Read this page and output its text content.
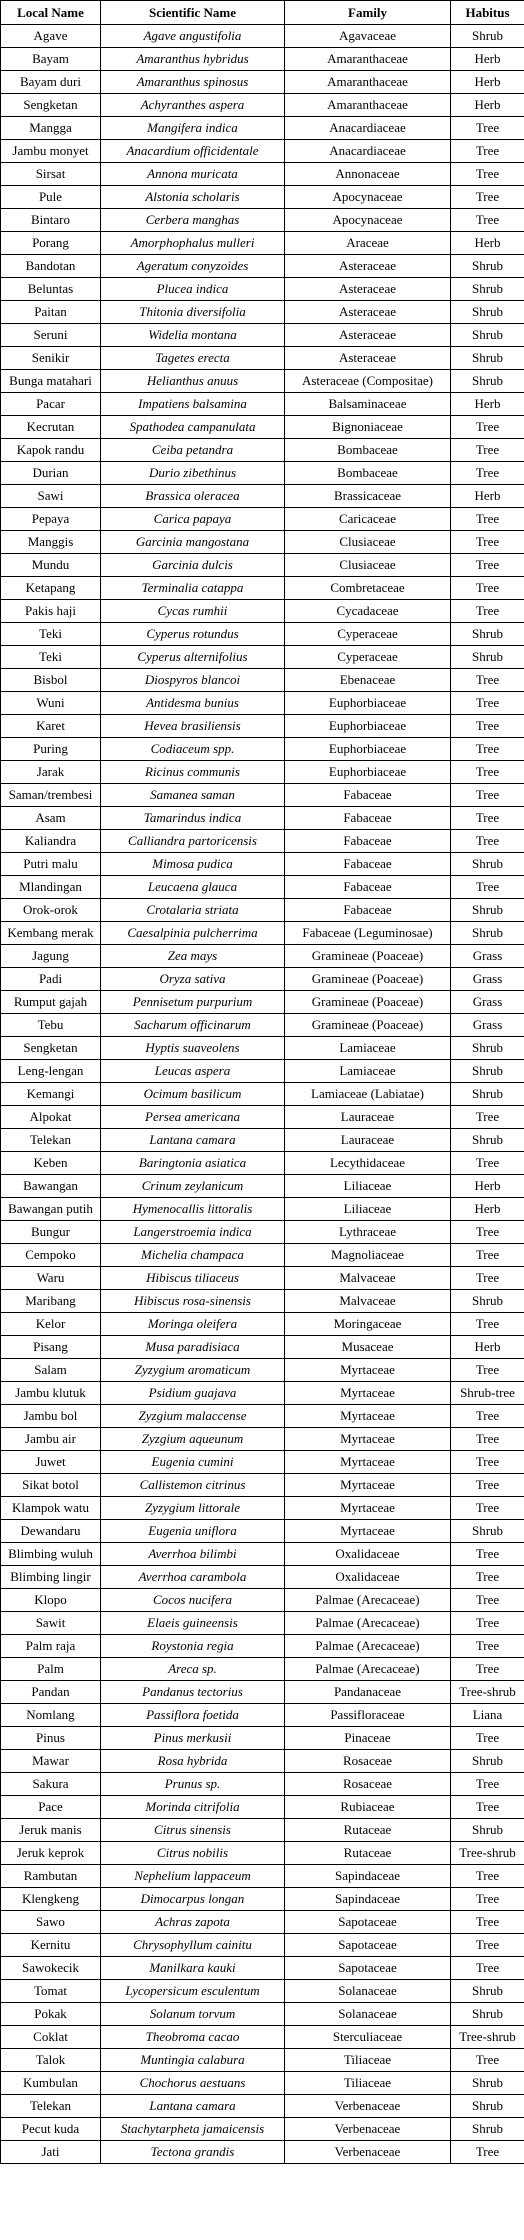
Local Name	Scientific Name	Family	Habitus
Agave	Agave angustifolia	Agavaceae	Shrub
Bayam	Amaranthus hybridus	Amaranthaceae	Herb
Bayam duri	Amaranthus spinosus	Amaranthaceae	Herb
Sengketan	Achyranthes aspera	Amaranthaceae	Herb
Mangga	Mangifera indica	Anacardiaceae	Tree
Jambu monyet	Anacardium officidentale	Anacardiaceae	Tree
Sirsat	Annona muricata	Annonaceae	Tree
Pule	Alstonia scholaris	Apocynaceae	Tree
Bintaro	Cerbera manghas	Apocynaceae	Tree
Porang	Amorphophalus mulleri	Araceae	Herb
Bandotan	Ageratum conyzoides	Asteraceae	Shrub
Beluntas	Plucea indica	Asteraceae	Shrub
Paitan	Thitonia diversifolia	Asteraceae	Shrub
Seruni	Widelia montana	Asteraceae	Shrub
Senikir	Tagetes erecta	Asteraceae	Shrub
Bunga matahari	Helianthus anuus	Asteraceae (Compositae)	Shrub
Pacar	Impatiens balsamina	Balsaminaceae	Herb
Kecrutan	Spathodea campanulata	Bignoniaceae	Tree
Kapok randu	Ceiba petandra	Bombaceae	Tree
Durian	Durio zibethinus	Bombaceae	Tree
Sawi	Brassica oleracea	Brassicaceae	Herb
Pepaya	Carica papaya	Caricaceae	Tree
Manggis	Garcinia mangostana	Clusiaceae	Tree
Mundu	Garcinia dulcis	Clusiaceae	Tree
Ketapang	Terminalia catappa	Combretaceae	Tree
Pakis haji	Cycas rumhii	Cycadaceae	Tree
Teki	Cyperus rotundus	Cyperaceae	Shrub
Teki	Cyperus alternifolius	Cyperaceae	Shrub
Bisbol	Diospyros blancoi	Ebenaceae	Tree
Wuni	Antidesma bunius	Euphorbiaceae	Tree
Karet	Hevea brasiliensis	Euphorbiaceae	Tree
Puring	Codiaceum spp.	Euphorbiaceae	Tree
Jarak	Ricinus communis	Euphorbiaceae	Tree
Saman/trembesi	Samanea saman	Fabaceae	Tree
Asam	Tamarindus indica	Fabaceae	Tree
Kaliandra	Calliandra partoricensis	Fabaceae	Tree
Putri malu	Mimosa pudica	Fabaceae	Shrub
Mlandingan	Leucaena glauca	Fabaceae	Tree
Orok-orok	Crotalaria striata	Fabaceae	Shrub
Kembang merak	Caesalpinia pulcherrima	Fabaceae (Leguminosae)	Shrub
Jagung	Zea mays	Gramineae (Poaceae)	Grass
Padi	Oryza sativa	Gramineae (Poaceae)	Grass
Rumput gajah	Pennisetum purpurium	Gramineae (Poaceae)	Grass
Tebu	Sacharum officinarum	Gramineae (Poaceae)	Grass
Sengketan	Hyptis suaveolens	Lamiaceae	Shrub
Leng-lengan	Leucas aspera	Lamiaceae	Shrub
Kemangi	Ocimum basilicum	Lamiaceae (Labiatae)	Shrub
Alpokat	Persea americana	Lauraceae	Tree
Telekan	Lantana camara	Lauraceae	Shrub
Keben	Baringtonia asiatica	Lecythidaceae	Tree
Bawangan	Crinum zeylanicum	Liliaceae	Herb
Bawangan putih	Hymenocallis littoralis	Liliaceae	Herb
Bungur	Langerstroemia indica	Lythraceae	Tree
Cempoko	Michelia champaca	Magnoliaceae	Tree
Waru	Hibiscus tiliaceus	Malvaceae	Tree
Maribang	Hibiscus rosa-sinensis	Malvaceae	Shrub
Kelor	Moringa oleifera	Moringaceae	Tree
Pisang	Musa paradisiaca	Musaceae	Herb
Salam	Zyzygium aromaticum	Myrtaceae	Tree
Jambu klutuk	Psidium guajava	Myrtaceae	Shrub-tree
Jambu bol	Zyzgium malaccense	Myrtaceae	Tree
Jambu air	Zyzgium aqueunum	Myrtaceae	Tree
Juwet	Eugenia cumini	Myrtaceae	Tree
Sikat botol	Callistemon citrinus	Myrtaceae	Tree
Klampok watu	Zyzygium littorale	Myrtaceae	Tree
Dewandaru	Eugenia uniflora	Myrtaceae	Shrub
Blimbing wuluh	Averrhoa bilimbi	Oxalidaceae	Tree
Blimbing lingir	Averrhoa carambola	Oxalidaceae	Tree
Klopo	Cocos nucifera	Palmae (Arecaceae)	Tree
Sawit	Elaeis guineensis	Palmae (Arecaceae)	Tree
Palm raja	Roystonia regia	Palmae (Arecaceae)	Tree
Palm	Areca sp.	Palmae (Arecaceae)	Tree
Pandan	Pandanus tectorius	Pandanaceae	Tree-shrub
Nomlang	Passiflora foetida	Passifloraceae	Liana
Pinus	Pinus merkusii	Pinaceae	Tree
Mawar	Rosa hybrida	Rosaceae	Shrub
Sakura	Prunus sp.	Rosaceae	Tree
Pace	Morinda citrifolia	Rubiaceae	Tree
Jeruk manis	Citrus sinensis	Rutaceae	Shrub
Jeruk keprok	Citrus nobilis	Rutaceae	Tree-shrub
Rambutan	Nephelium lappaceum	Sapindaceae	Tree
Klengkeng	Dimocarpus longan	Sapindaceae	Tree
Sawo	Achras zapota	Sapotaceae	Tree
Kernitu	Chrysophyllum cainitu	Sapotaceae	Tree
Sawokecik	Manilkara kauki	Sapotaceae	Tree
Tomat	Lycopersicum esculentum	Solanaceae	Shrub
Pokak	Solanum torvum	Solanaceae	Shrub
Coklat	Theobroma cacao	Sterculiaceae	Tree-shrub
Talok	Muntingia calabura	Tiliaceae	Tree
Kumbulan	Chochorus aestuans	Tiliaceae	Shrub
Telekan	Lantana camara	Verbenaceae	Shrub
Pecut kuda	Stachytarpheta jamaicensis	Verbenaceae	Shrub
Jati	Tectona grandis	Verbenaceae	Tree
